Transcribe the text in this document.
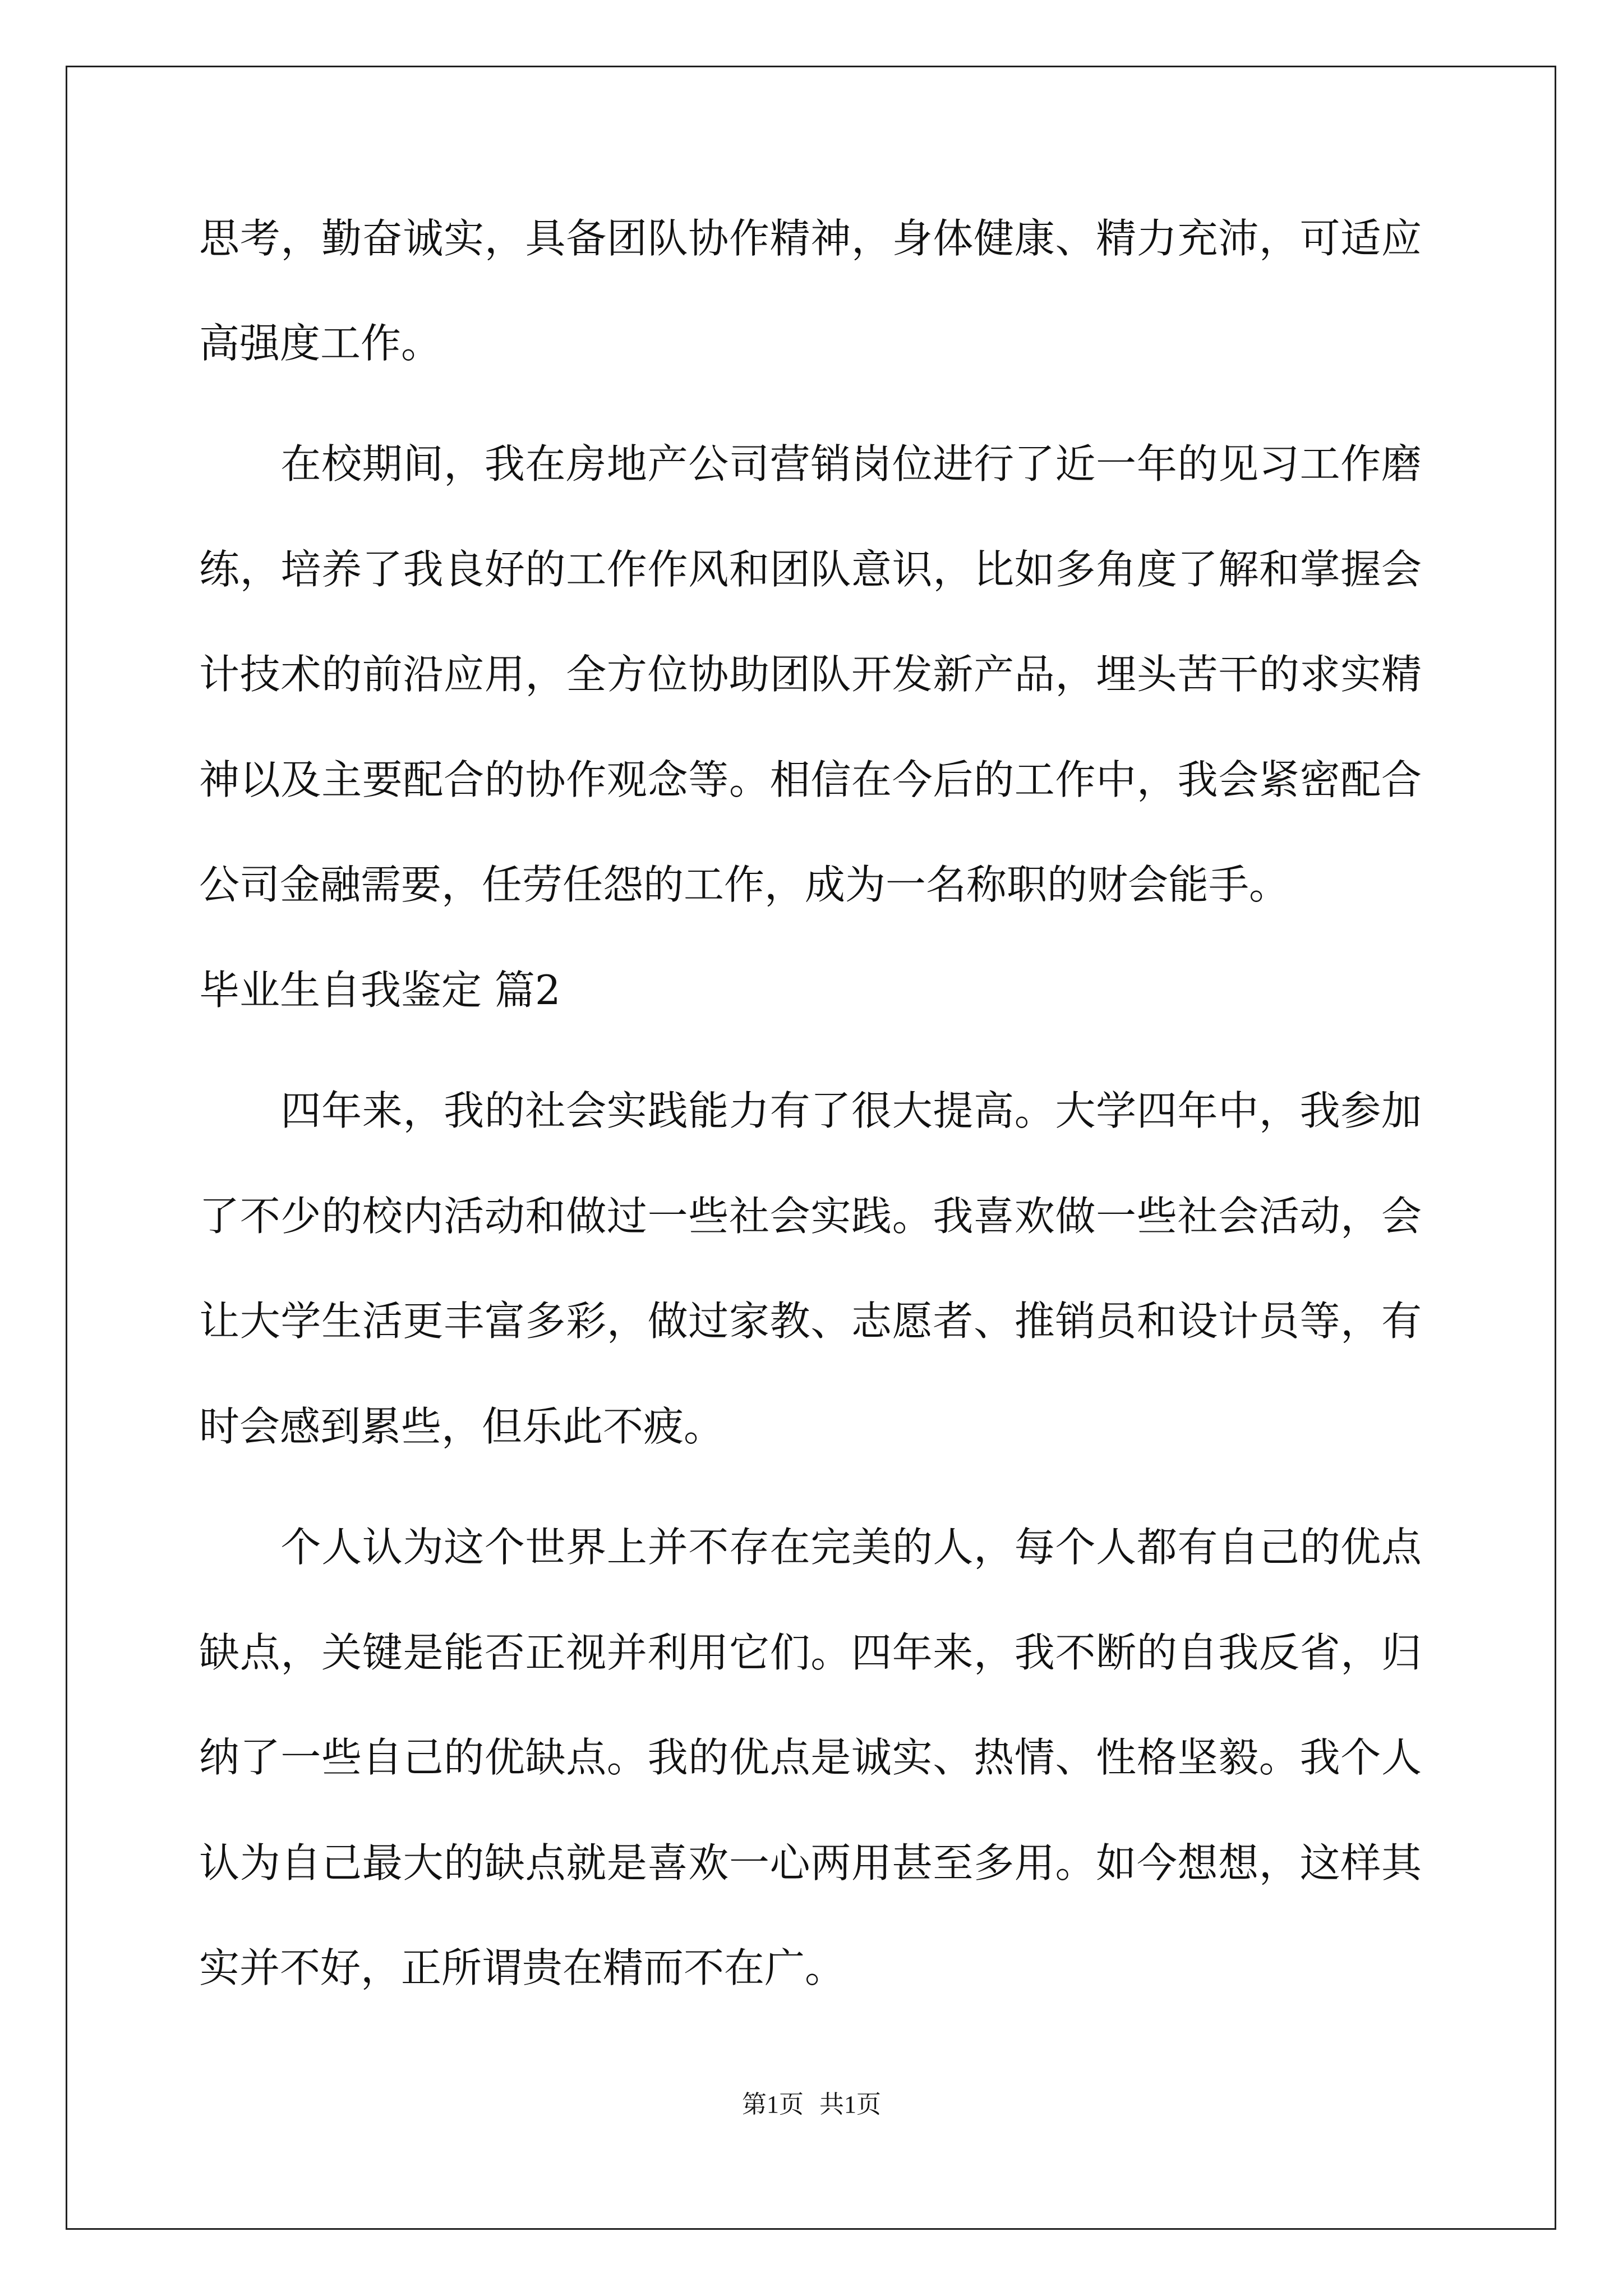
思考，勤奋诚实，具备团队协作精神，身体健康、精力充沛，可适应
高强度工作。
　　在校期间，我在房地产公司营销岗位进行了近一年的见习工作磨
练，培养了我良好的工作作风和团队意识，比如多角度了解和掌握会
计技术的前沿应用，全方位协助团队开发新产品，埋头苦干的求实精
神以及主要配合的协作观念等。相信在今后的工作中，我会紧密配合
公司金融需要，任劳任怨的工作，成为一名称职的财会能手。
毕业生自我鉴定 篇2
　　四年来，我的社会实践能力有了很大提高。大学四年中，我参加
了不少的校内活动和做过一些社会实践。我喜欢做一些社会活动，会
让大学生活更丰富多彩，做过家教、志愿者、推销员和设计员等，有
时会感到累些，但乐此不疲。
　　个人认为这个世界上并不存在完美的人，每个人都有自己的优点
缺点，关键是能否正视并利用它们。四年来，我不断的自我反省，归
纳了一些自己的优缺点。我的优点是诚实、热情、性格坚毅。我个人
认为自己最大的缺点就是喜欢一心两用甚至多用。如今想想，这样其
实并不好，正所谓贵在精而不在广。
第1页 共1页
